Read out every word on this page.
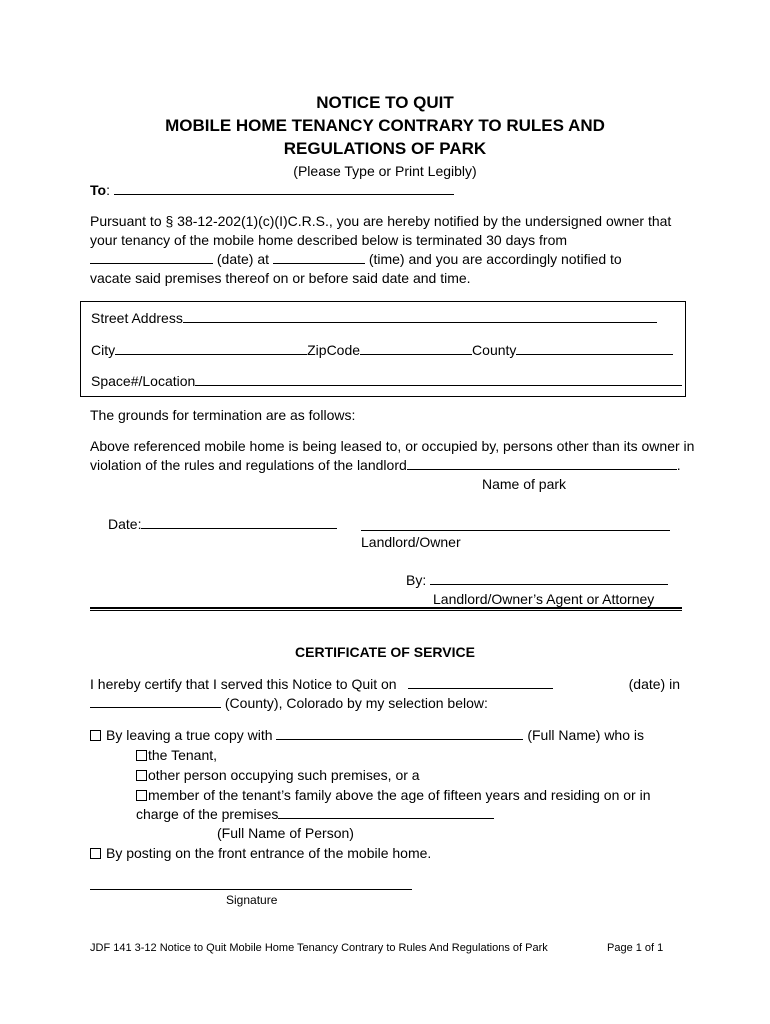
NOTICE TO QUIT
MOBILE HOME TENANCY CONTRARY TO RULES AND
REGULATIONS OF PARK
(Please Type or Print Legibly)
To:
Pursuant to § 38-12-202(1)(c)(I)C.R.S., you are hereby notified by the undersigned owner that
your tenancy of the mobile home described below is terminated 30 days from
(date) at	(time) and you are accordingly notified to
vacate said premises thereof on or before said date and time.
Street Address
City	ZipCode	County
Space#/Location
The grounds for termination are as follows:
Above referenced mobile home is being leased to, or occupied by, persons other than its owner in
violation of the rules and regulations of the landlord	.
Name of park
Date:
Landlord/Owner
By:
Landlord/Owner’s Agent or Attorney
CERTIFICATE OF SERVICE
I hereby certify that I served this Notice to Quit on	(date) in
(County), Colorado by my selection below:
By leaving a true copy with	(Full Name) who is
the Tenant,
other person occupying such premises, or a
member of the tenant’s family above the age of fifteen years and residing on or in
charge of the premises
(Full Name of Person)
By posting on the front entrance of the mobile home.
Signature
JDF 141 3-12 Notice to Quit Mobile Home Tenancy Contrary to Rules And Regulations of Park	Page 1 of 1
